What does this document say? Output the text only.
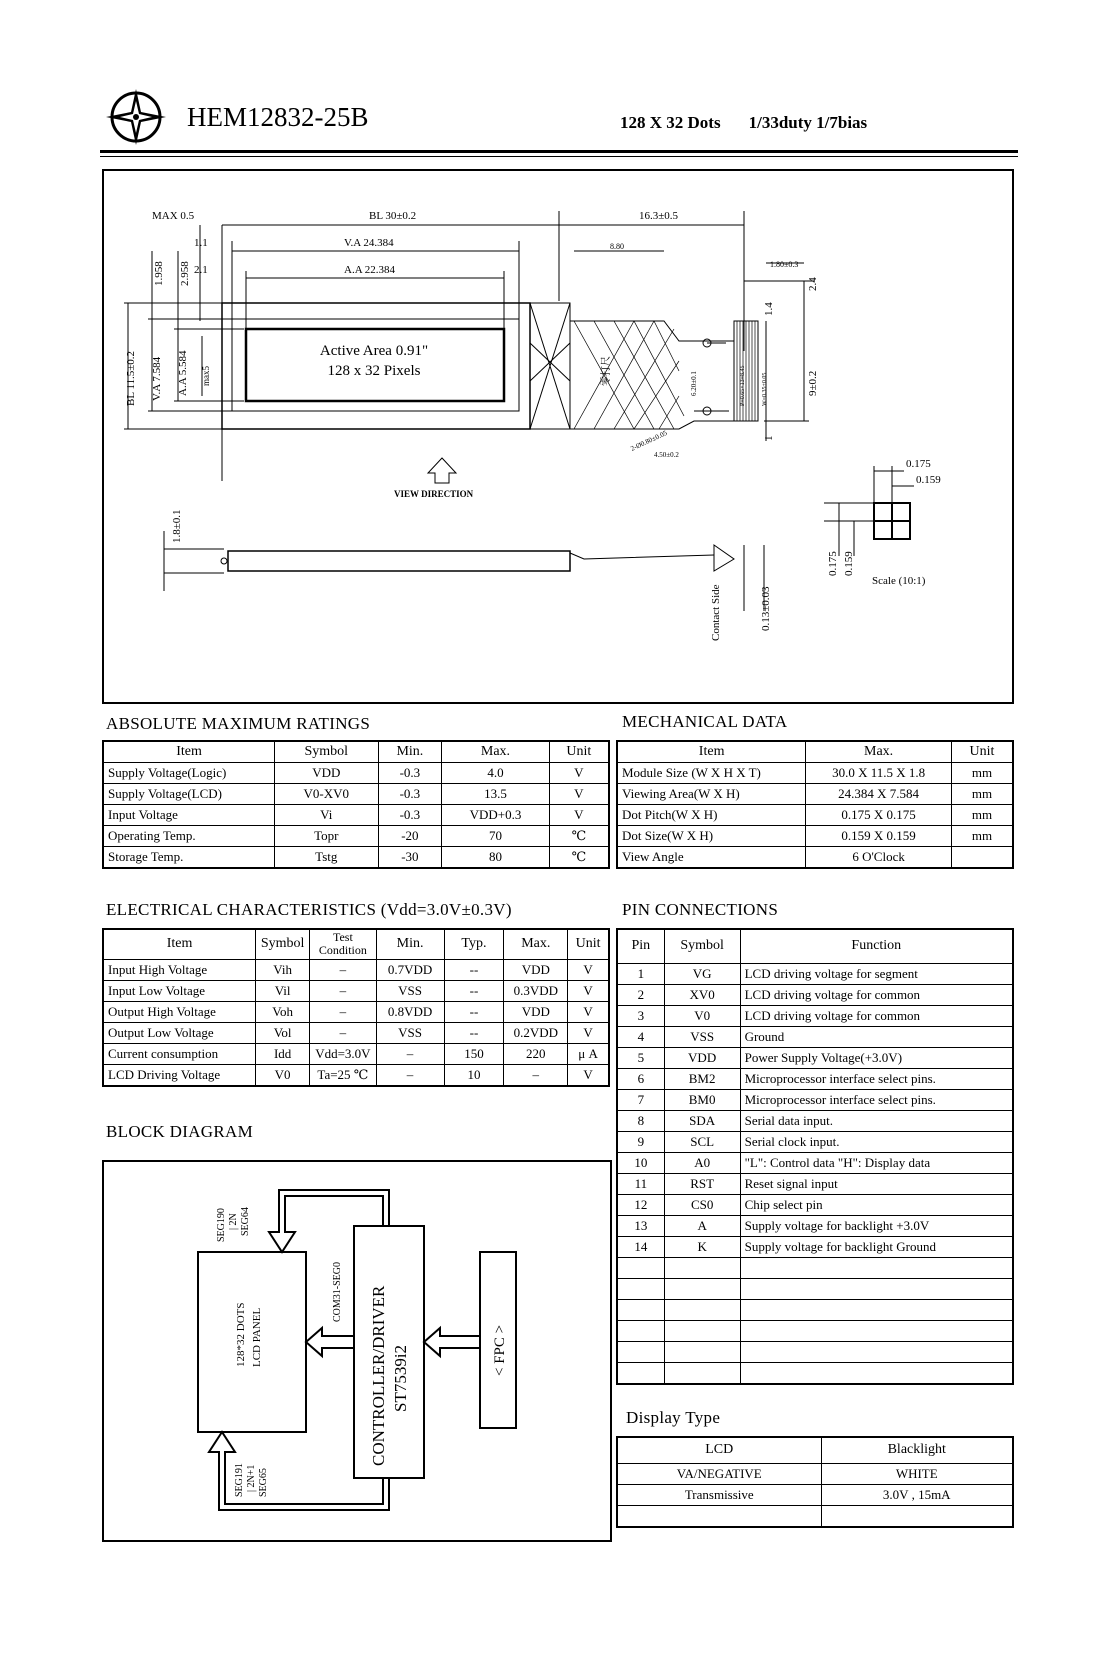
HEM12832-25B	128 X 32 Dots 1/33duty 1/7bias
MAX 0.5	BL 30±0.2	16.3±0.5
1.1	V.A 24.384	8.80
2.1	A.A 22.384
1.958 2.958
BL 11.5±0.2 V.A 7.584 A.A 5.584 max5
Active Area 0.91"
128 x 32 Pixels	零打尺
1.80±0.3
2.4
1.4
9±0.2
1
6.20±0.1	P=0.65×13=8.45	W=0.35±0.05
2-Ø0.80±0.05
4.50±0.2
VIEW DIRECTION
1.8±0.1
Contact Side	0.13±0.03
0.175
0.159
0.175 0.159
Scale (10:1)
ABSOLUTE MAXIMUM RATINGS
Item	Symbol	Min.	Max.	Unit
Supply Voltage(Logic)	VDD	-0.3	4.0	V
Supply Voltage(LCD)	V0-XV0	-0.3	13.5	V
Input Voltage	Vi	-0.3	VDD+0.3	V
Operating Temp.	Topr	-20	70	℃
Storage Temp.	Tstg	-30	80	℃
MECHANICAL DATA
Item	Max.	Unit
Module Size (W X H X T)	30.0 X 11.5 X 1.8	mm
Viewing Area(W X H)	24.384 X 7.584	mm
Dot Pitch(W X H)	0.175 X 0.175	mm
Dot Size(W X H)	0.159 X 0.159	mm
View Angle	6 O'Clock	
ELECTRICAL CHARACTERISTICS (Vdd=3.0V±0.3V)
Item	Symbol	Test Condition	Min.	Typ.	Max.	Unit
Input High Voltage	Vih	–	0.7VDD	--	VDD	V
Input Low Voltage	Vil	–	VSS	--	0.3VDD	V
Output High Voltage	Voh	–	0.8VDD	--	VDD	V
Output Low Voltage	Vol	–	VSS	--	0.2VDD	V
Current consumption	Idd	Vdd=3.0V	–	150	220	μ A
LCD Driving Voltage	V0	Ta=25 ℃	–	10	–	V
PIN CONNECTIONS
Pin	Symbol	Function
1	VG	LCD driving voltage for segment
2	XV0	LCD driving voltage for common
3	V0	LCD driving voltage for common
4	VSS	Ground
5	VDD	Power Supply Voltage(+3.0V)
6	BM2	Microprocessor interface select pins.
7	BM0	Microprocessor interface select pins.
8	SDA	Serial data input.
9	SCL	Serial clock input.
10	A0	"L": Control data "H": Display data
11	RST	Reset signal input
12	CS0	Chip select pin
13	A	Supply voltage for backlight +3.0V
14	K	Supply voltage for backlight Ground

BLOCK DIAGRAM
128*32 DOTS LCD PANEL	CONTROLLER/DRIVER ST7539i2	< FPC >
SEG190 | 2N SEG64
COM31-SEG0
SEG191 | 2N+1 SEG65
Display Type
LCD	Blacklight
VA/NEGATIVE	WHITE
Transmissive	3.0V , 15mA
